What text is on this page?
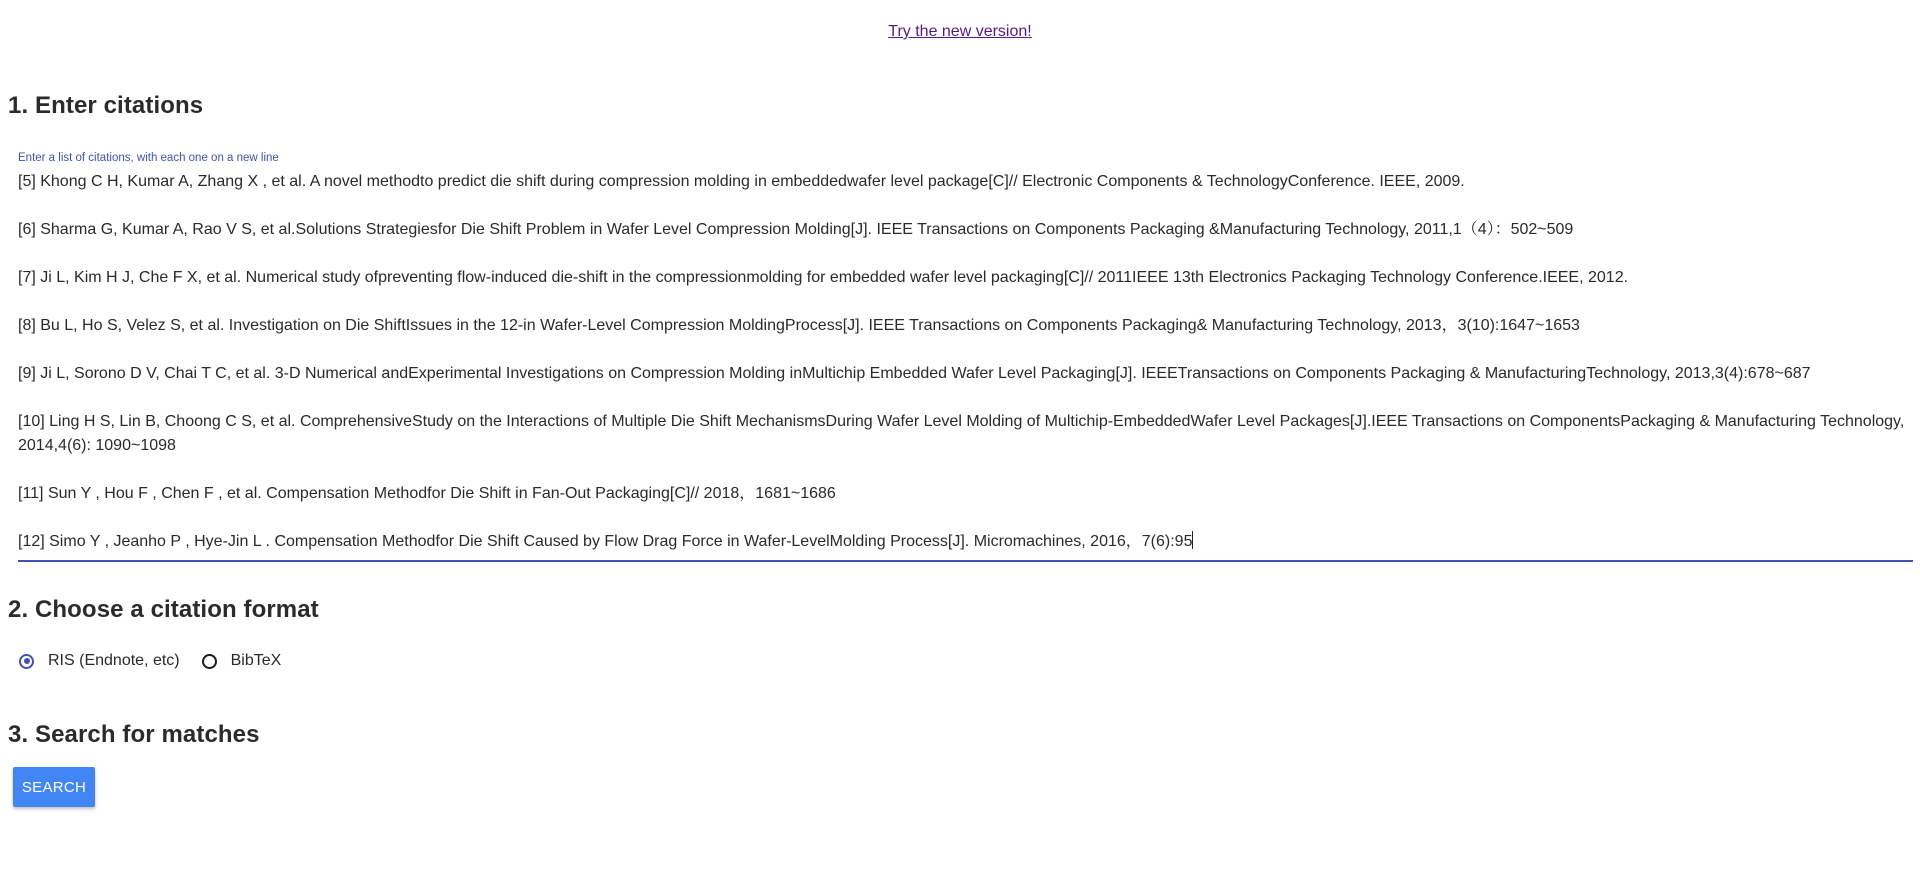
Try the new version!
1. Enter citations
Enter a list of citations, with each one on a new line
[5] Khong C H, Kumar A, Zhang X , et al. A novel methodto predict die shift during compression molding in embeddedwafer level package[C]// Electronic Components & TechnologyConference. IEEE, 2009.

[6] Sharma G, Kumar A, Rao V S, et al.Solutions Strategiesfor Die Shift Problem in Wafer Level Compression Molding[J]. IEEE Transactions on Components Packaging &Manufacturing Technology, 2011,1（4）：502~509

[7] Ji L, Kim H J, Che F X, et al. Numerical study ofpreventing flow-induced die-shift in the compressionmolding for embedded wafer level packaging[C]// 2011IEEE 13th Electronics Packaging Technology Conference.IEEE, 2012.

[8] Bu L, Ho S, Velez S, et al. Investigation on Die ShiftIssues in the 12-in Wafer-Level Compression MoldingProcess[J]. IEEE Transactions on Components Packaging& Manufacturing Technology, 2013，3(10):1647~1653

[9] Ji L, Sorono D V, Chai T C, et al. 3-D Numerical andExperimental Investigations on Compression Molding inMultichip Embedded Wafer Level Packaging[J]. IEEETransactions on Components Packaging & ManufacturingTechnology, 2013,3(4):678~687

[10] Ling H S, Lin B, Choong C S, et al. ComprehensiveStudy on the Interactions of Multiple Die Shift MechanismsDuring Wafer Level Molding of Multichip-EmbeddedWafer Level Packages[J].IEEE Transactions on ComponentsPackaging & Manufacturing Technology, 2014,4(6): 1090~1098

[11] Sun Y , Hou F , Chen F , et al. Compensation Methodfor Die Shift in Fan-Out Packaging[C]// 2018，1681~1686

[12] Simo Y , Jeanho P , Hye-Jin L . Compensation Methodfor Die Shift Caused by Flow Drag Force in Wafer-LevelMolding Process[J]. Micromachines, 2016，7(6):95
2. Choose a citation format
RIS (Endnote, etc)	BibTeX
3. Search for matches
SEARCH
